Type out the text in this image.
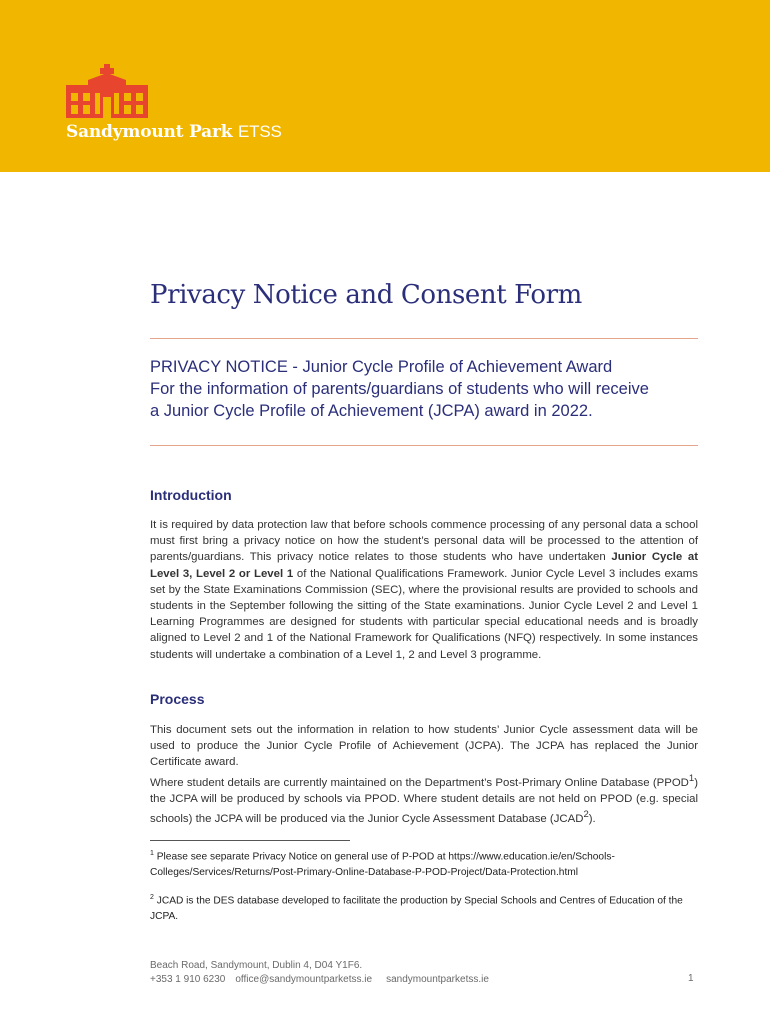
Sandymount Park ETSS
Privacy Notice and Consent Form
PRIVACY NOTICE - Junior Cycle Profile of Achievement Award
For the information of parents/guardians of students who will receive
a Junior Cycle Profile of Achievement (JCPA) award in 2022.
Introduction

It is required by data protection law that before schools commence processing of any personal data a school must first bring a privacy notice on how the student’s personal data will be processed to the attention of parents/guardians. This privacy notice relates to those students who have undertaken Junior Cycle at Level 3, Level 2 or Level 1 of the National Qualifications Framework. Junior Cycle Level 3 includes exams set by the State Examinations Commission (SEC), where the provisional results are provided to schools and students in the September following the sitting of the State examinations. Junior Cycle Level 2 and Level 1 Learning Programmes are designed for students with particular special educational needs and is broadly aligned to Level 2 and 1 of the National Framework for Qualifications (NFQ) respectively. In some instances students will undertake a combination of a Level 1, 2 and Level 3 programme.

Process

This document sets out the information in relation to how students’ Junior Cycle assessment data will be used to produce the Junior Cycle Profile of Achievement (JCPA). The JCPA has replaced the Junior Certificate award.

Where student details are currently maintained on the Department’s Post-Primary Online Database (PPOD$^1$) the JCPA will be produced by schools via PPOD. Where student details are not held on PPOD (e.g. special schools) the JCPA will be produced via the Junior Cycle Assessment Database (JCAD$^2$).

$^1$ Please see separate Privacy Notice on general use of P-POD at https://www.education.ie/en/Schools-Colleges/Services/Returns/Post-Primary-Online-Database-P-POD-Project/Data-Protection.html

$^2$ JCAD is the DES database developed to facilitate the production by Special Schools and Centres of Education of the JCPA.

Beach Road, Sandymount, Dublin 4, D04 Y1F6.
+353 1 910 6230 office@sandymountparketss.ie sandymountparketss.ie	1
